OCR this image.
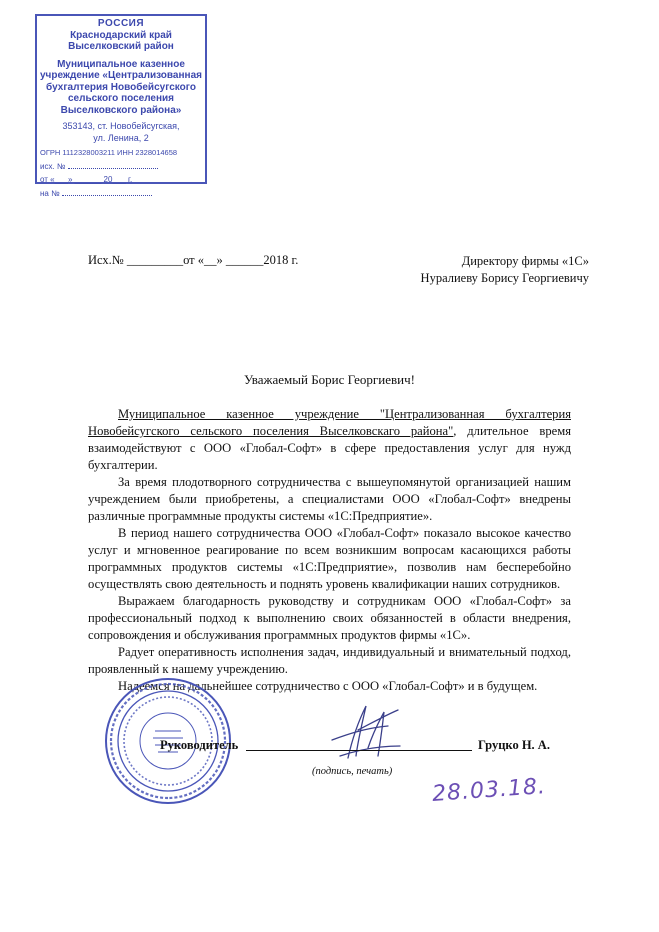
РОССИЯ
Краснодарский край
Выселковский район
Муниципальное казенное
учреждение «Централизованная
бухгалтерия Новобейсугского
сельского поселения
Выселковского района»
353143, ст. Новобейсугская,
ул. Ленина, 2
ОГРН 1112328003211 ИНН 2328014658
исх. №
от «___» ______ 20___ г.
на №
Исх.№ _________от «__» ______2018 г.	Директору фирмы «1С»
Нуралиеву Борису Георгиевичу
Уважаемый Борис Георгиевич!

Муниципальное казенное учреждение "Централизованная бухгалтерия Новобейсугского сельского поселения Выселковскаго района", длительное время взаимодействуют с ООО «Глобал-Софт» в сфере предоставления услуг для нужд бухгалтерии.

За время плодотворного сотрудничества с вышеупомянутой организацией нашим учреждением были приобретены, а специалистами ООО «Глобал-Софт» внедрены различные программные продукты системы «1С:Предприятие».

В период нашего сотрудничества ООО «Глобал-Софт» показало высокое качество услуг и мгновенное реагирование по всем возникшим вопросам касающихся работы программных продуктов системы «1С:Предприятие», позволив нам бесперебойно осуществлять свою деятельность и поднять уровень квалификации наших сотрудников.

Выражаем благодарность руководству и сотрудникам ООО «Глобал-Софт» за профессиональный подход к выполнению своих обязанностей в области внедрения, сопровождения и обслуживания программных продуктов фирмы «1С».

Радует оперативность исполнения задач, индивидуальный и внимательный подход, проявленный к нашему учреждению.

Надеемся на дальнейшее сотрудничество с ООО «Глобал-Софт» и в будущем.

Руководитель	Груцко Н. А.
(подпись, печать)
28.03.18.
